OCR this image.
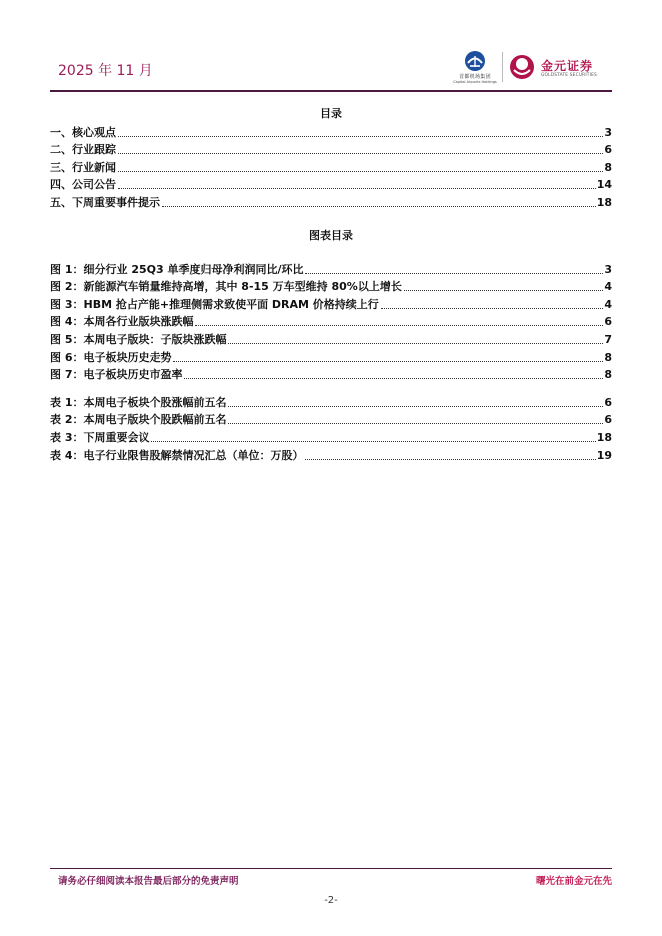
2025 年 11 月	首都机场集团
Capital Airports Holdings
金元证券
GOLDSTATE SECURITIES
目录
一、核心观点	3
二、行业跟踪	6
三、行业新闻	8
四、公司公告	14
五、下周重要事件提示	18
图表目录
图 1：细分行业 25Q3 单季度归母净利润同比/环比	3
图 2：新能源汽车销量维持高增，其中 8-15 万车型维持 80%以上增长	4
图 3：HBM 抢占产能+推理侧需求致使平面 DRAM 价格持续上行	4
图 4：本周各行业版块涨跌幅	6
图 5：本周电子版块：子版块涨跌幅	7
图 6：电子板块历史走势	8
图 7：电子板块历史市盈率	8
表 1：本周电子板块个股涨幅前五名	6
表 2：本周电子版块个股跌幅前五名	6
表 3：下周重要会议	18
表 4：电子行业限售股解禁情况汇总（单位：万股）	19
请务必仔细阅读本报告最后部分的免责声明	曙光在前金元在先
-2-
